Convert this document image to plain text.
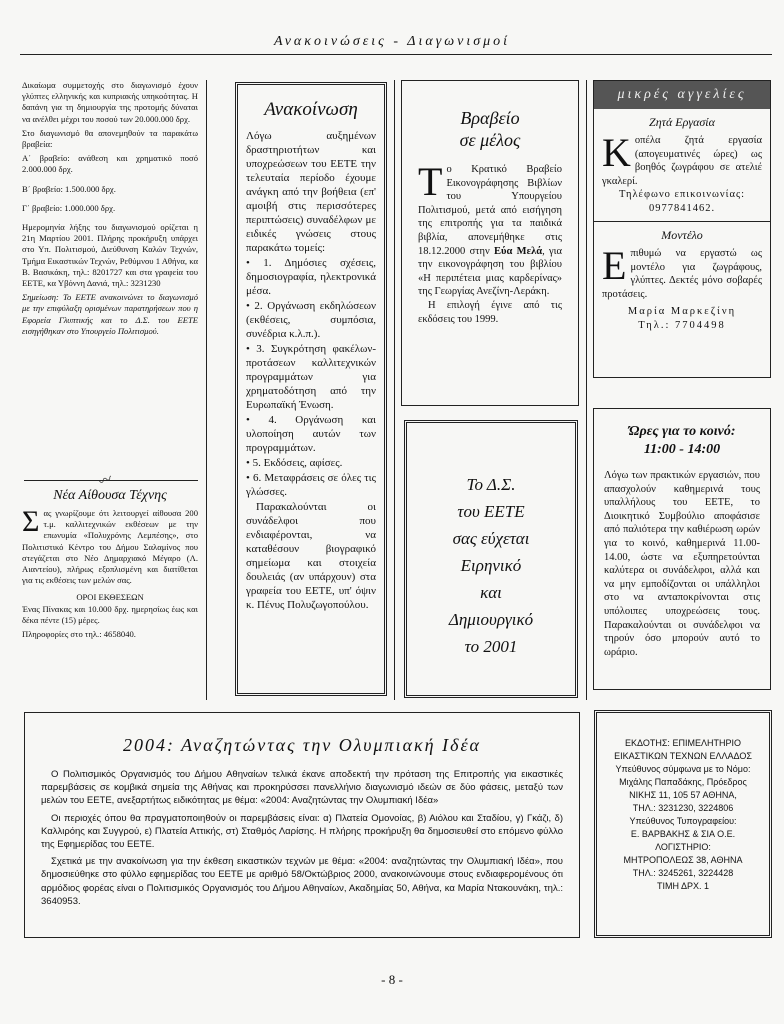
Ανακοινώσεις - Διαγωνισμοί

Δικαίωμα συμμετοχής στο διαγωνισμό έχουν γλύπτες ελληνικής και κυπριακής υπηκοότητας. Η δαπάνη για τη δημιουργία της προτομής δύναται να ανέλθει μέχρι του ποσού των 20.000.000 δρχ.

Στο διαγωνισμό θα απονεμηθούν τα παρακάτω βραβεία:

Α΄ βραβείο: ανάθεση και χρηματικό ποσό 2.000.000 δρχ.

Β΄ βραβείο: 1.500.000 δρχ.

Γ΄ βραβείο: 1.000.000 δρχ.

Ημερομηνία λήξης του διαγωνισμού ορίζεται η 21η Μαρτίου 2001. Πλήρης προκήρυξη υπάρχει στο Υπ. Πολιτισμού, Διεύθυνση Καλών Τεχνών, Τμήμα Εικαστικών Τεχνών, Ρεθύμνου 1 Αθήνα, κα Β. Βασικάκη, τηλ.: 8201727 και στα γραφεία του ΕΕΤΕ, κα Υβόννη Δανιά, τηλ.: 3231230

Σημείωση: Το ΕΕΤΕ ανακοινώνει το διαγωνισμό με την επιφύλαξη ορισμένων παρατηρήσεων που η Εφορεία Γλυπτικής και το Δ.Σ. του ΕΕΤΕ εισηγήθηκαν στο Υπουργείο Πολιτισμού.

〰
Νέα Αίθουσα Τέχνης
Σας γνωρίζουμε ότι λειτουργεί αίθουσα 200 τ.μ. καλλιτεχνικών εκθέσεων με την επωνυμία «Πολυχρόνης Λεμπέσης», στο Πολιτιστικό Κέντρο του Δήμου Σαλαμίνος που στεγάζεται στο Νέο Δημαρχιακό Μέγαρο (Λ. Αιαντείου), πλήρως εξοπλισμένη και διατίθεται για τις εκθέσεις των μελών σας.
ΟΡΟΙ ΕΚΘΕΣΕΩΝ
Ένας Πίνακας και 10.000 δρχ. ημερησίως έως και δέκα πέντε (15) μέρες.
Πληροφορίες στο τηλ.: 4658040.
Ανακοίνωση

Λόγω αυξημένων δραστηριοτήτων και υποχρεώσεων του ΕΕΤΕ την τελευταία περίοδο έχουμε ανάγκη από την βοήθεια (επ' αμοιβή στις περισσότερες περιπτώσεις) συναδέλφων με ειδικές γνώσεις στους παρακάτω τομείς:

• 1. Δημόσιες σχέσεις, δημοσιογραφία, ηλεκτρονικά μέσα.

• 2. Οργάνωση εκδηλώσεων (εκθέσεις, συμπόσια, συνέδρια κ.λ.π.).

• 3. Συγκρότηση φακέλων-προτάσεων καλλιτεχνικών προγραμμάτων για χρηματοδότηση από την Ευρωπαϊκή Ένωση.

• 4. Οργάνωση και υλοποίηση αυτών των προγραμμάτων.

• 5. Εκδόσεις, αφίσες.

• 6. Μεταφράσεις σε όλες τις γλώσσες.

Παρακαλούνται οι συνάδελφοι που ενδιαφέρονται, να καταθέσουν βιογραφικό σημείωμα και στοιχεία δουλειάς (αν υπάρχουν) στα γραφεία του ΕΕΤΕ, υπ' όψιν κ. Πένυς Πολυζωγοπούλου.

Βραβείο
σε μέλος
Το Κρατικό Βραβείο Εικονογράφησης Βιβλίων του Υπουργείου Πολιτισμού, μετά από εισήγηση της επιτροπής για τα παιδικά βιβλία, απονεμήθηκε στις 18.12.2000 στην Εύα Μελά, για την εικονογράφηση του βιβλίου «Η περιπέτεια μιας καρδερίνας» της Γεωργίας Ανεζίνη-Λεράκη.
Η επιλογή έγινε από τις εκδόσεις του 1999.
Το Δ.Σ.
του ΕΕΤΕ
σας εύχεται
Ειρηνικό
και
Δημιουργικό
το 2001
μικρές αγγελίες
Ζητά Εργασία
Κοπέλα ζητά εργασία (απογευματινές ώρες) ως βοηθός ζωγράφου σε ατελιέ γκαλερί.
Τηλέφωνο επικοινωνίας: 0977841462.
Μοντέλο
Επιθυμώ να εργαστώ ως μοντέλο για ζωγράφους, γλύπτες. Δεκτές μόνο σοβαρές προτάσεις.
Μαρία Μαρκεζίνη
Τηλ.: 7704498
Ώρες για το κοινό:
11:00 - 14:00
Λόγω των πρακτικών εργασιών, που απασχολούν καθημερινά τους υπαλλήλους του ΕΕΤΕ, το Διοικητικό Συμβούλιο αποφάσισε από παλιότερα την καθιέρωση ωρών για το κοινό, καθημερινά 11.00-14.00, ώστε να εξυπηρετούνται καλύτερα οι συνάδελφοι, αλλά και να μην εμποδίζονται οι υπάλληλοι στο να ανταποκρίνονται στις υπόλοιπες υποχρεώσεις τους. Παρακαλούνται οι συνάδελφοι να τηρούν όσο μπορούν αυτό το ωράριο.
2004: Αναζητώντας την Ολυμπιακή Ιδέα

Ο Πολιτισμικός Οργανισμός του Δήμου Αθηναίων τελικά έκανε αποδεκτή την πρόταση της Επιτροπής για εικαστικές παρεμβάσεις σε κομβικά σημεία της Αθήνας και προκηρύσσει πανελλήνιο διαγωνισμό ιδεών σε δύο φάσεις, μεταξύ των μελών του ΕΕΤΕ, ανεξαρτήτως ειδικότητας με θέμα: «2004: Αναζητώντας την Ολυμπιακή Ιδέα»

Οι περιοχές όπου θα πραγματοποιηθούν οι παρεμβάσεις είναι: α) Πλατεία Ομονοίας, β) Αιόλου και Σταδίου, γ) Γκάζι, δ) Καλλιρόης και Συγγρού, ε) Πλατεία Αττικής, στ) Σταθμός Λαρίσης. Η πλήρης προκήρυξη θα δημοσιευθεί στο επόμενο φύλλο της Εφημερίδας του ΕΕΤΕ.

Σχετικά με την ανακοίνωση για την έκθεση εικαστικών τεχνών με θέμα: «2004: αναζητώντας την Ολυμπιακή Ιδέα», που δημοσιεύθηκε στο φύλλο εφημερίδας του ΕΕΤΕ με αριθμό 58/Οκτώβριος 2000, ανακοινώνουμε στους ενδιαφερομένους ότι αρμόδιος φορέας είναι ο Πολιτισμικός Οργανισμός του Δήμου Αθηναίων, Ακαδημίας 50, Αθήνα, κα Μαρία Ντακουνάκη, τηλ.: 3640953.

ΕΚΔΟΤΗΣ: ΕΠΙΜΕΛΗΤΗΡΙΟ
ΕΙΚΑΣΤΙΚΩΝ ΤΕΧΝΩΝ ΕΛΛΑΔΟΣ
Υπεύθυνος σύμφωνα με το Νόμο:
Μιχάλης Παπαδάκης, Πρόεδρος
ΝΙΚΗΣ 11, 105 57 ΑΘΗΝΑ,
ΤΗΛ.: 3231230, 3224806
Υπεύθυνος Τυπογραφείου:
Ε. ΒΑΡΒΑΚΗΣ & ΣΙΑ Ο.Ε.
ΛΟΓΙΣΤΗΡΙΟ:
ΜΗΤΡΟΠΟΛΕΩΣ 38, ΑΘΗΝΑ
ΤΗΛ.: 3245261, 3224428
ΤΙΜΗ ΔΡΧ. 1
- 8 -
